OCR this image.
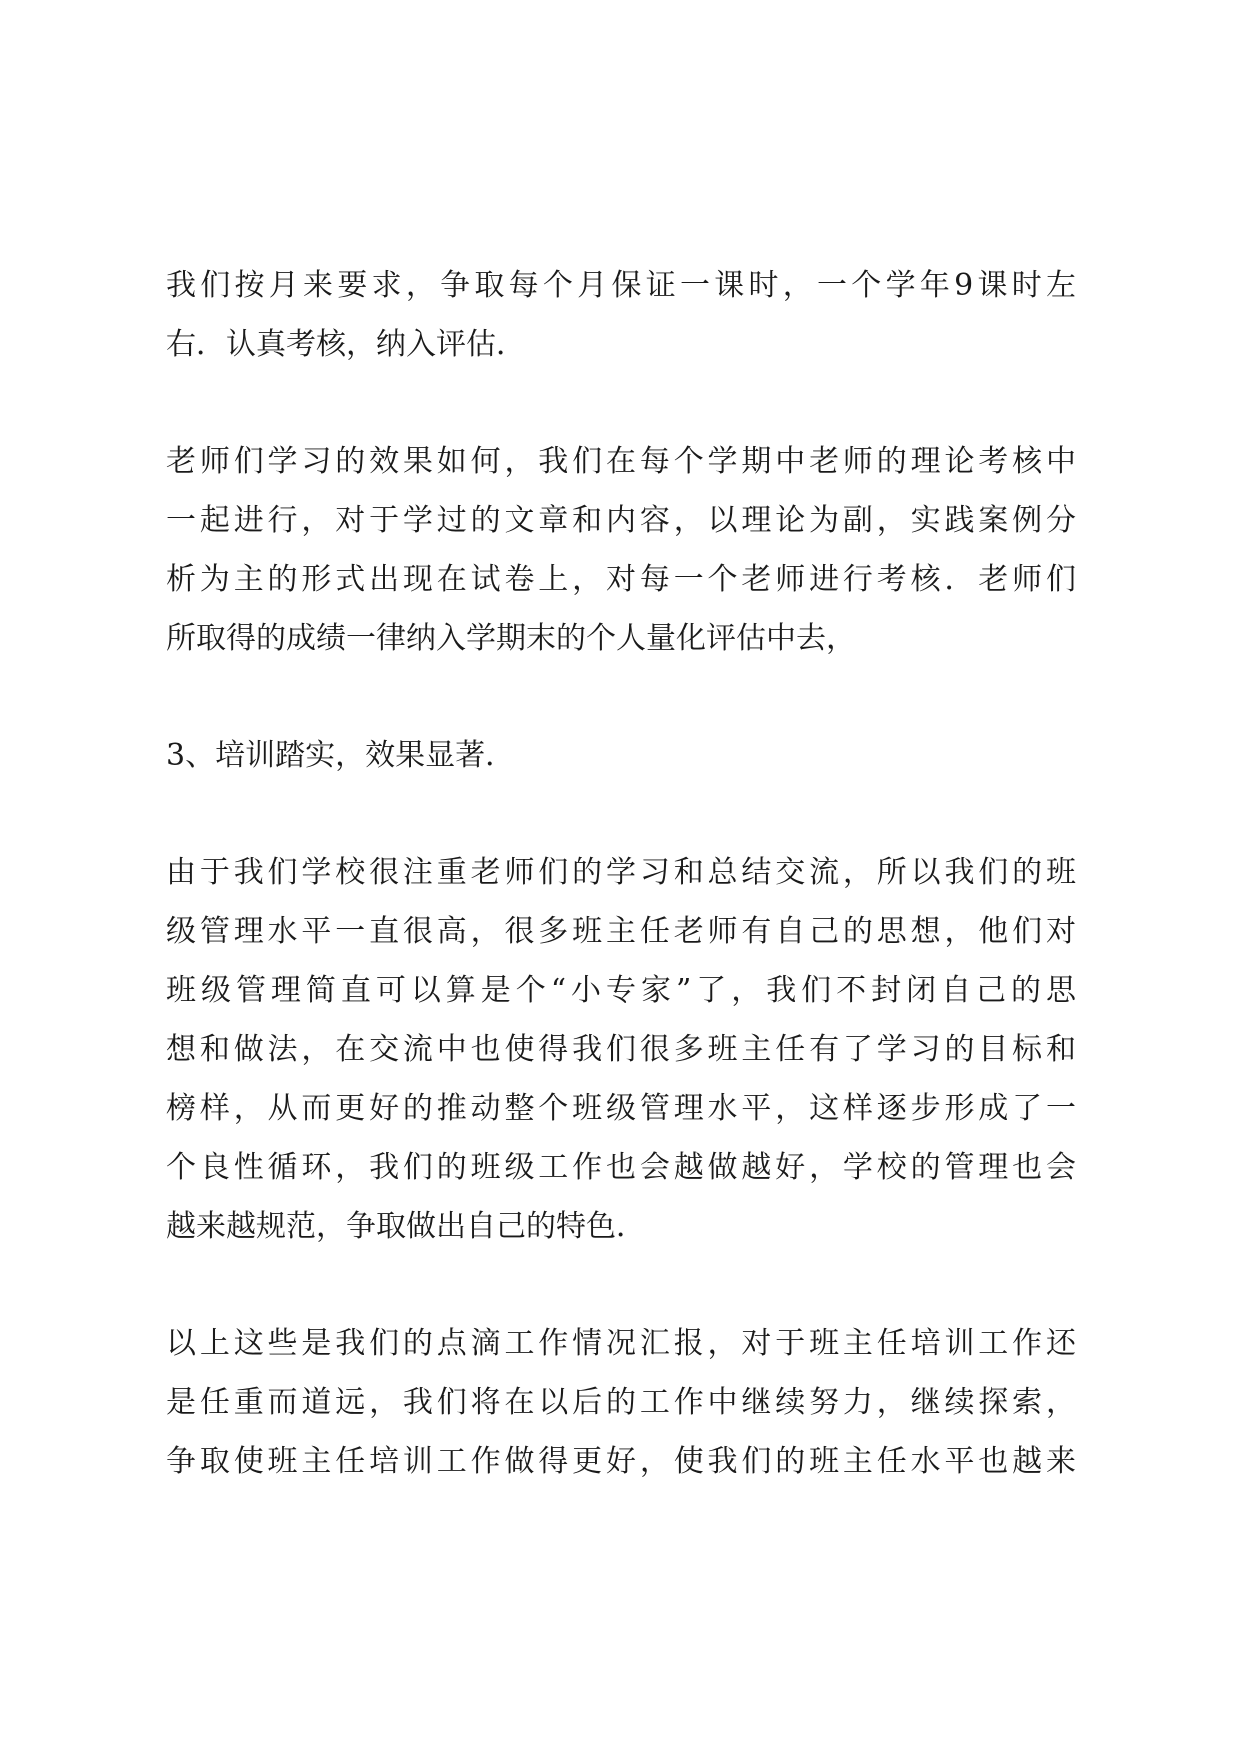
我们按月来要求，争取每个月保证一课时，一个学年9课时左
右．认真考核，纳入评估．
老师们学习的效果如何，我们在每个学期中老师的理论考核中
一起进行，对于学过的文章和内容，以理论为副，实践案例分
析为主的形式出现在试卷上，对每一个老师进行考核．老师们
所取得的成绩一律纳入学期末的个人量化评估中去，
3、培训踏实，效果显著．
由于我们学校很注重老师们的学习和总结交流，所以我们的班
级管理水平一直很高，很多班主任老师有自己的思想，他们对
班级管理简直可以算是个“小专家”了，我们不封闭自己的思
想和做法，在交流中也使得我们很多班主任有了学习的目标和
榜样，从而更好的推动整个班级管理水平，这样逐步形成了一
个良性循环，我们的班级工作也会越做越好，学校的管理也会
越来越规范，争取做出自己的特色．
以上这些是我们的点滴工作情况汇报，对于班主任培训工作还
是任重而道远，我们将在以后的工作中继续努力，继续探索，
争取使班主任培训工作做得更好，使我们的班主任水平也越来
